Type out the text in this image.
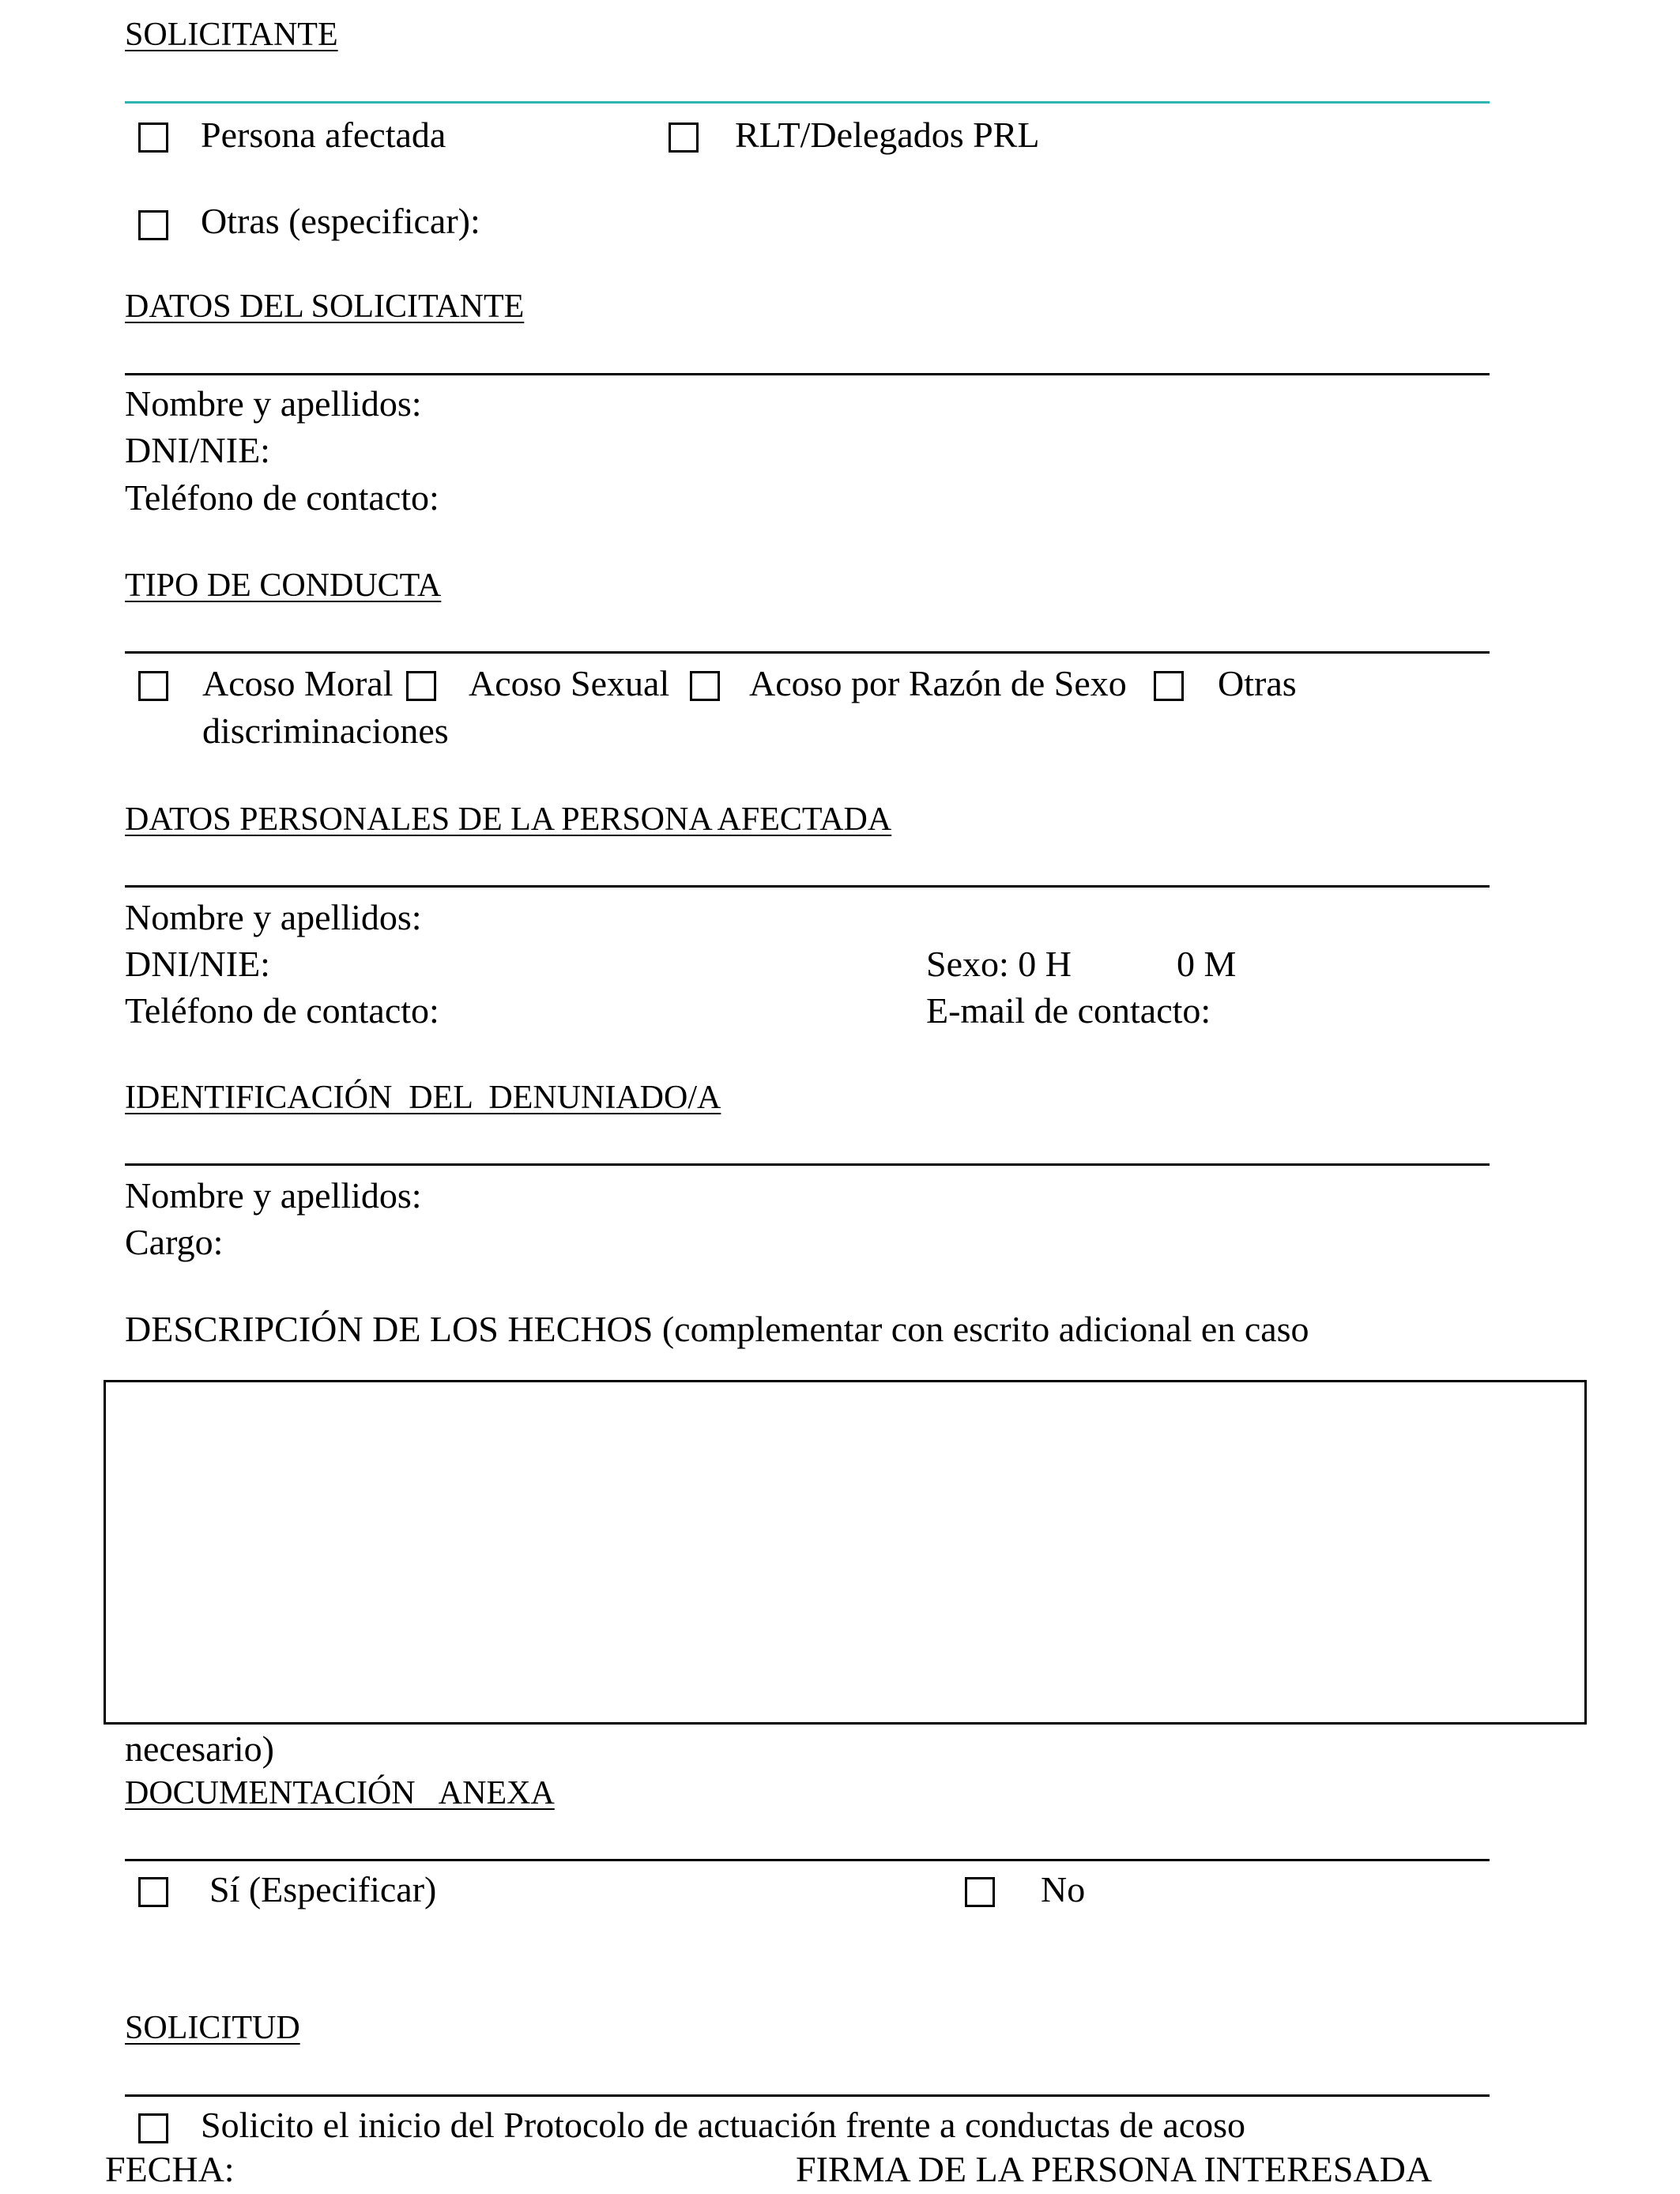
SOLICITANTE
Persona afectada	RLT/Delegados PRL
Otras (especificar):
DATOS DEL SOLICITANTE
Nombre y apellidos:
DNI/NIE:
Teléfono de contacto:
TIPO DE CONDUCTA
Acoso Moral Acoso Sexual Acoso por Razón de Sexo	Otras
discriminaciones
DATOS PERSONALES DE LA PERSONA AFECTADA
Nombre y apellidos:
DNI/NIE:	Sexo: 0 H	0 M
Teléfono de contacto:	E-mail de contacto:
IDENTIFICACIÓN  DEL  DENUNIADO/A
Nombre y apellidos:
Cargo:
DESCRIPCIÓN DE LOS HECHOS (complementar con escrito adicional en caso
necesario)
DOCUMENTACIÓN   ANEXA
Sí (Especificar)	No
SOLICITUD
Solicito el inicio del Protocolo de actuación frente a conductas de acoso
FECHA:	FIRMA DE LA PERSONA INTERESADA
